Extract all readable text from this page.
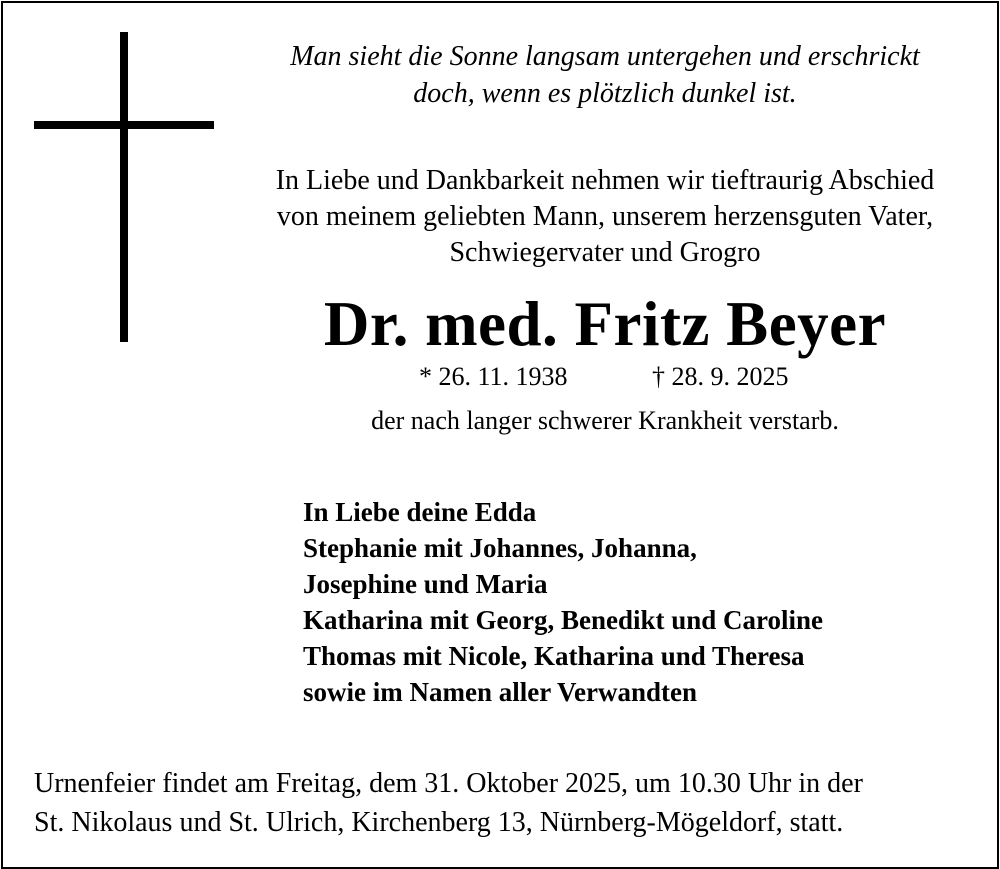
Man sieht die Sonne langsam untergehen und erschrickt
doch, wenn es plötzlich dunkel ist.
In Liebe und Dankbarkeit nehmen wir tieftraurig Abschied
von meinem geliebten Mann, unserem herzensguten Vater,
Schwiegervater und Grogro
Dr. med. Fritz Beyer
* 26. 11. 1938	† 28. 9. 2025
der nach langer schwerer Krankheit verstarb.
In Liebe deine Edda
Stephanie mit Johannes, Johanna,
Josephine und Maria
Katharina mit Georg, Benedikt und Caroline
Thomas mit Nicole, Katharina und Theresa
sowie im Namen aller Verwandten
Urnenfeier findet am Freitag, dem 31. Oktober 2025, um 10.30 Uhr in der
St. Nikolaus und St. Ulrich, Kirchenberg 13, Nürnberg-Mögeldorf, statt.
